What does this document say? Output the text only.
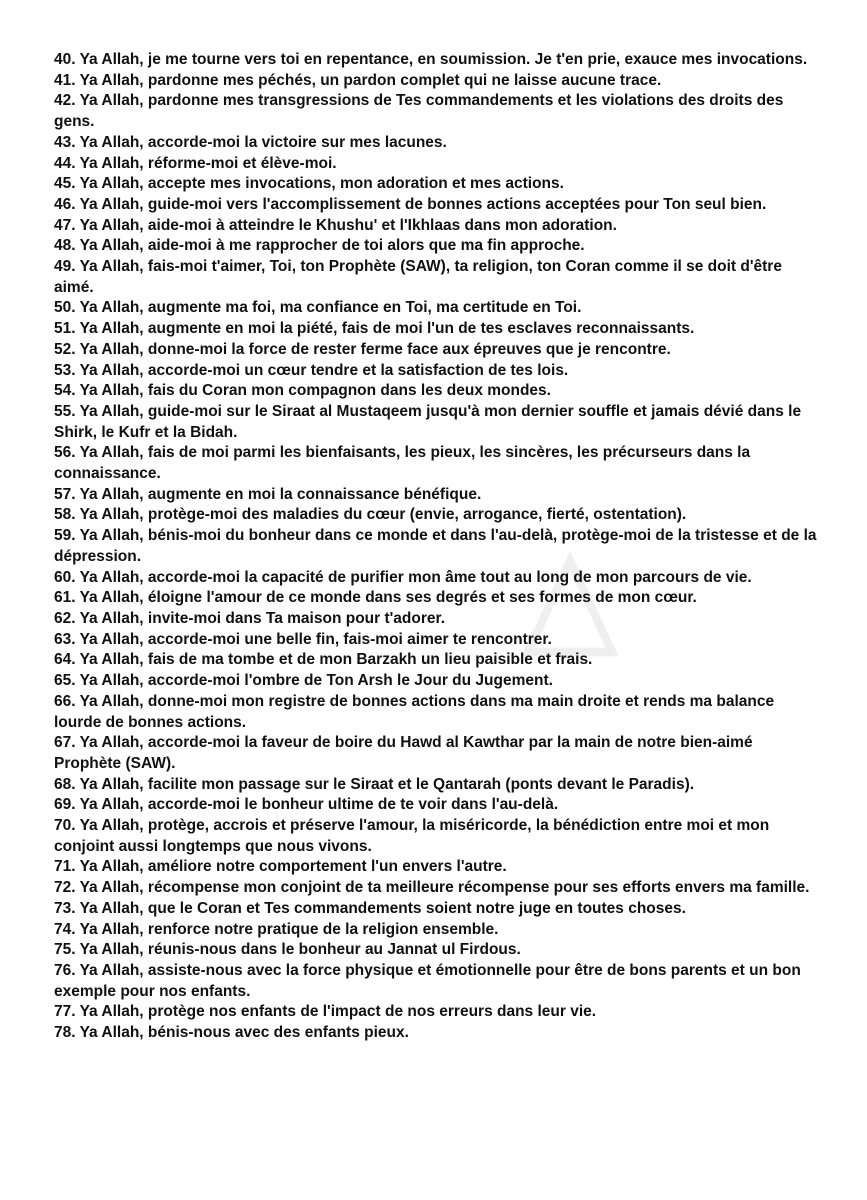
40. Ya Allah, je me tourne vers toi en repentance, en soumission. Je t'en prie, exauce mes invocations.

41. Ya Allah, pardonne mes péchés, un pardon complet qui ne laisse aucune trace.

42. Ya Allah, pardonne mes transgressions de Tes commandements et les violations des droits des gens.

43. Ya Allah, accorde-moi la victoire sur mes lacunes.

44. Ya Allah, réforme-moi et élève-moi.

45. Ya Allah, accepte mes invocations, mon adoration et mes actions.

46. Ya Allah, guide-moi vers l'accomplissement de bonnes actions acceptées pour Ton seul bien.

47. Ya Allah, aide-moi à atteindre le Khushu' et l'Ikhlaas dans mon adoration.

48. Ya Allah, aide-moi à me rapprocher de toi alors que ma fin approche.

49. Ya Allah, fais-moi t'aimer, Toi, ton Prophète (SAW), ta religion, ton Coran comme il se doit d'être aimé.

50. Ya Allah, augmente ma foi, ma confiance en Toi, ma certitude en Toi.

51. Ya Allah, augmente en moi la piété, fais de moi l'un de tes esclaves reconnaissants.

52. Ya Allah, donne-moi la force de rester ferme face aux épreuves que je rencontre.

53. Ya Allah, accorde-moi un cœur tendre et la satisfaction de tes lois.

54. Ya Allah, fais du Coran mon compagnon dans les deux mondes.

55. Ya Allah, guide-moi sur le Siraat al Mustaqeem jusqu'à mon dernier souffle et jamais dévié dans le Shirk, le Kufr et la Bidah.

56. Ya Allah, fais de moi parmi les bienfaisants, les pieux, les sincères, les précurseurs dans la connaissance.

57. Ya Allah, augmente en moi la connaissance bénéfique.

58. Ya Allah, protège-moi des maladies du cœur (envie, arrogance, fierté, ostentation).

59. Ya Allah, bénis-moi du bonheur dans ce monde et dans l'au-delà, protège-moi de la tristesse et de la dépression.

60. Ya Allah, accorde-moi la capacité de purifier mon âme tout au long de mon parcours de vie.

61. Ya Allah, éloigne l'amour de ce monde dans ses degrés et ses formes de mon cœur.

62. Ya Allah, invite-moi dans Ta maison pour t'adorer.

63. Ya Allah, accorde-moi une belle fin, fais-moi aimer te rencontrer.

64. Ya Allah, fais de ma tombe et de mon Barzakh un lieu paisible et frais.

65. Ya Allah, accorde-moi l'ombre de Ton Arsh le Jour du Jugement.

66. Ya Allah, donne-moi mon registre de bonnes actions dans ma main droite et rends ma balance lourde de bonnes actions.

67. Ya Allah, accorde-moi la faveur de boire du Hawd al Kawthar par la main de notre bien-aimé Prophète (SAW).

68. Ya Allah, facilite mon passage sur le Siraat et le Qantarah (ponts devant le Paradis).

69. Ya Allah, accorde-moi le bonheur ultime de te voir dans l'au-delà.

70. Ya Allah, protège, accrois et préserve l'amour, la miséricorde, la bénédiction entre moi et mon conjoint aussi longtemps que nous vivons.

71. Ya Allah, améliore notre comportement l'un envers l'autre.

72. Ya Allah, récompense mon conjoint de ta meilleure récompense pour ses efforts envers ma famille.

73. Ya Allah, que le Coran et Tes commandements soient notre juge en toutes choses.

74. Ya Allah, renforce notre pratique de la religion ensemble.

75. Ya Allah, réunis-nous dans le bonheur au Jannat ul Firdous.

76. Ya Allah, assiste-nous avec la force physique et émotionnelle pour être de bons parents et un bon exemple pour nos enfants.

77. Ya Allah, protège nos enfants de l'impact de nos erreurs dans leur vie.

78. Ya Allah, bénis-nous avec des enfants pieux.
